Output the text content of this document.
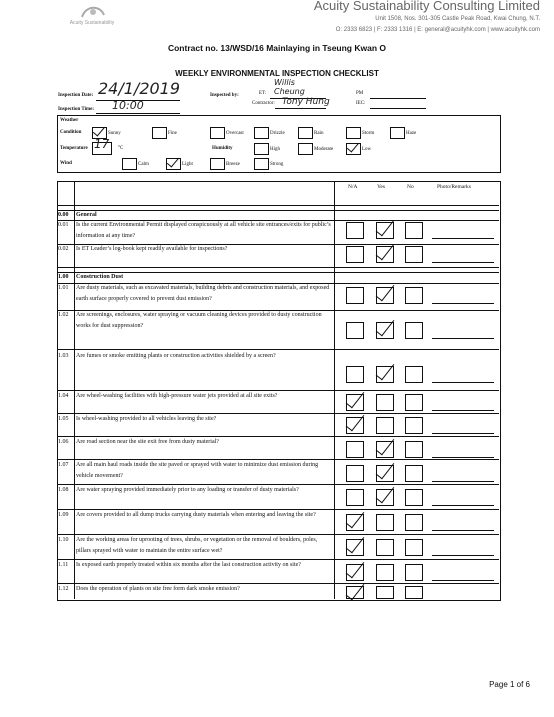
Acuity Sustainability
Acuity Sustainability Consulting Limited
Unit 1508, Nos. 301-305 Castle Peak Road, Kwai Chung, N.T.
O: 2333 6823 | F: 2333 1316 | E: general@acuityhk.com | www.acuityhk.com
Contract no. 13/WSD/16 Mainlaying in Tseung Kwan O
WEEKLY ENVIRONMENTAL INSPECTION CHECKLIST
Inspection Date: 24/1/2019	Inspected by:	ET:
Willis Cheung
Contractor: Tony Hung
PM
IEC:
Inspection Time: 10:00
Weather
Condition	Sunny	Fine	Overcast	Drizzle	Rain	Storm	Haze
Temperature 17 °C	Humidity	High	Moderate	Low
Wind	Calm	Light	Breeze	Strong
N/A	Yes	No	Photo/Remarks
0.00 General
0.01 Is the current Environmental Permit displayed conspicuously at all vehicle site entrances/exits for public’s information at any time?
0.02 Is ET Leader’s log-book kept readily available for inspections?
1.00 Construction Dust
1.01 Are dusty materials, such as excavated materials, building debris and construction materials, and exposed earth surface properly covered to prevent dust emission?
1.02 Are screenings, enclosures, water spraying or vacuum cleaning devices provided to dusty construction works for dust suppression?
1.03 Are fumes or smoke emitting plants or construction activities shielded by a screen?
1.04 Are wheel-washing facilities with high-pressure water jets provided at all site exits?
1.05 Is wheel-washing provided to all vehicles leaving the site?
1.06 Are road section near the site exit free from dusty material?
1.07 Are all main haul roads inside the site paved or sprayed with water to minimize dust emission during vehicle movement?
1.08 Are water spraying provided immediately prior to any loading or transfer of dusty materials?
1.09 Are covers provided to all dump trucks carrying dusty materials when entering and leaving the site?
1.10 Are the working areas for uprooting of trees, shrubs, or vegetation or the removal of boulders, poles, pillars sprayed with water to maintain the entire surface wet?
1.11 Is exposed earth properly treated within six months after the last construction activity on site?
1.12 Does the operation of plants on site free form dark smoke emission?
Page 1 of 6
